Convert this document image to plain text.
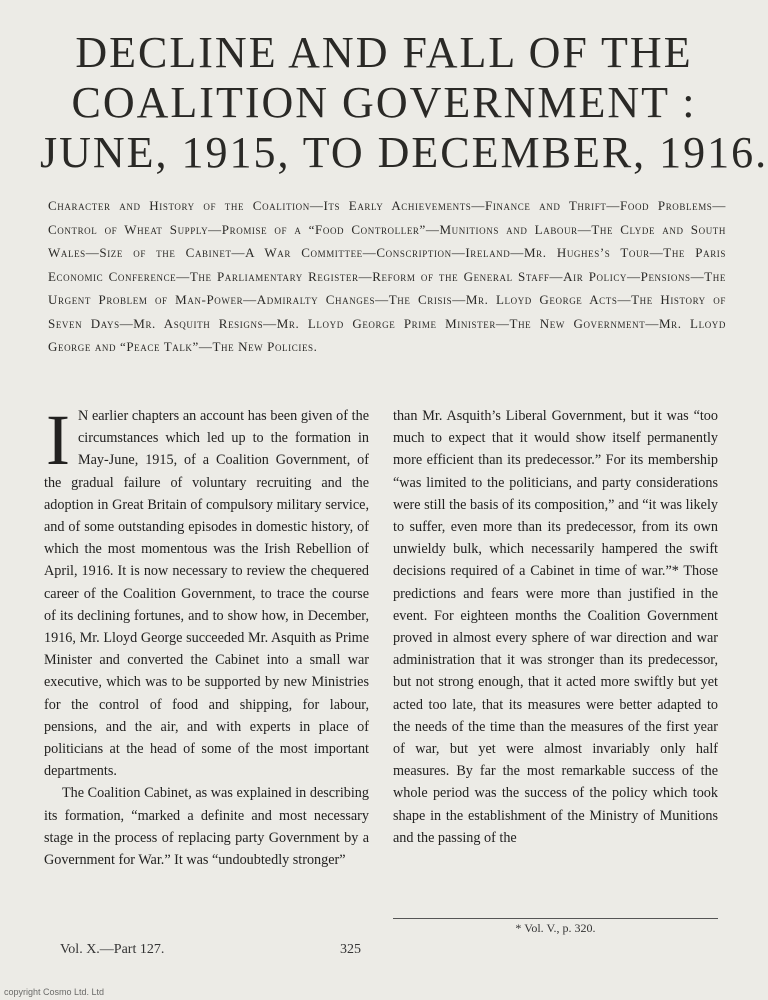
DECLINE AND FALL OF THE
COALITION GOVERNMENT :
JUNE, 1915, TO DECEMBER, 1916.
Character and History of the Coalition—Its Early Achievements—Finance and Thrift—Food Problems—Control of Wheat Supply—Promise of a “Food Controller”—Munitions and Labour—The Clyde and South Wales—Size of the Cabinet—A War Committee—Conscription—Ireland—Mr. Hughes’s Tour—The Paris Economic Conference—The Parliamentary Register—Reform of the General Staff—Air Policy—Pensions—The Urgent Problem of Man-Power—Admiralty Changes—The Crisis—Mr. Lloyd George Acts—The History of Seven Days—Mr. Asquith Resigns—Mr. Lloyd George Prime Minister—The New Government—Mr. Lloyd George and “Peace Talk”—The New Policies.
I N earlier chapters an account has been given of the circumstances which led up to the formation in May-June, 1915, of a Coalition Government, of the gradual failure of voluntary recruiting and the adoption in Great Britain of compulsory military service, and of some outstanding episodes in domestic history, of which the most momentous was the Irish Rebellion of April, 1916. It is now necessary to review the chequered career of the Coalition Government, to trace the course of its declining fortunes, and to show how, in December, 1916, Mr. Lloyd George succeeded Mr. Asquith as Prime Minister and converted the Cabinet into a small war executive, which was to be supported by new Ministries for the control of food and shipping, for labour, pensions, and the air, and with experts in place of politicians at the head of some of the most important departments.

The Coalition Cabinet, as was explained in describing its formation, “marked a definite and most necessary stage in the process of replacing party Government by a Government for War.” It was “undoubtedly stronger”

than Mr. Asquith’s Liberal Government, but it was “too much to expect that it would show itself permanently more efficient than its predecessor.” For its membership “was limited to the politicians, and party considerations were still the basis of its composition,” and “it was likely to suffer, even more than its predecessor, from its own unwieldy bulk, which necessarily hampered the swift decisions required of a Cabinet in time of war.”* Those predictions and fears were more than justified in the event. For eighteen months the Coalition Government proved in almost every sphere of war direction and war administration that it was stronger than its predecessor, but not strong enough, that it acted more swiftly but yet acted too late, that its measures were better adapted to the needs of the time than the measures of the first year of war, but yet were almost invariably only half measures. By far the most remarkable success of the whole period was the success of the policy which took shape in the establishment of the Ministry of Munitions and the passing of the

* Vol. V., p. 320.
Vol. X.—Part 127.	325
copyright Cosmo Ltd. Ltd
